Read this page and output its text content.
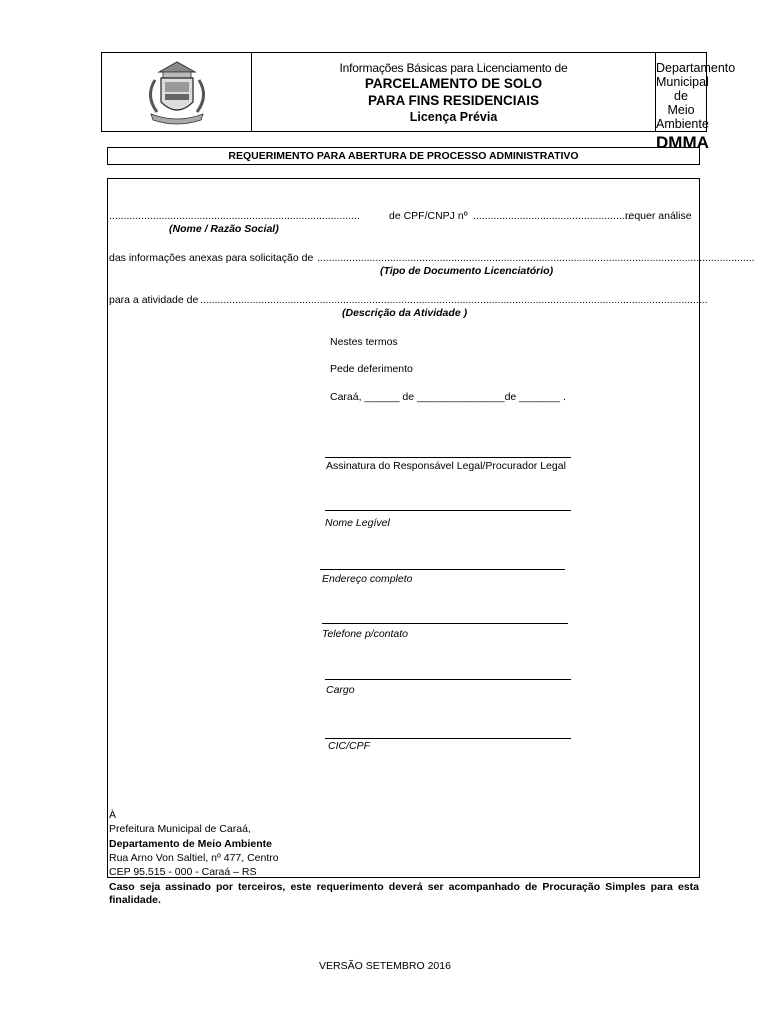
Informações Básicas para Licenciamento de
PARCELAMENTO DE SOLO
PARA FINS RESIDENCIAIS
Licença Prévia
Departamento Municipal
de
Meio Ambiente
DMMA
REQUERIMENTO PARA ABERTURA DE PROCESSO ADMINISTRATIVO
......................................................................................	de CPF/CNPJ nº ......................................................
requer análise
(Nome / Razão Social)
das informações anexas para solicitação de ......................................................................................................................................................
(Tipo de Documento Licenciatório)
para a atividade de ..............................................................................................................................................................................
(Descrição da Atividade )
Nestes termos
Pede deferimento
Caraá, ______ de _______________de _______ .
Assinatura do Responsável Legal/Procurador Legal
Nome Legível
Endereço completo
Telefone p/contato
Cargo
CIC/CPF
À
Prefeitura Municipal de Caraá,
Departamento de Meio Ambiente
Rua Arno Von Saltiel, nº 477, Centro
CEP 95.515 - 000 - Caraá – RS
Caso seja assinado por terceiros, este requerimento deverá ser acompanhado de Procuração Simples para esta finalidade.
VERSÃO SETEMBRO 2016
